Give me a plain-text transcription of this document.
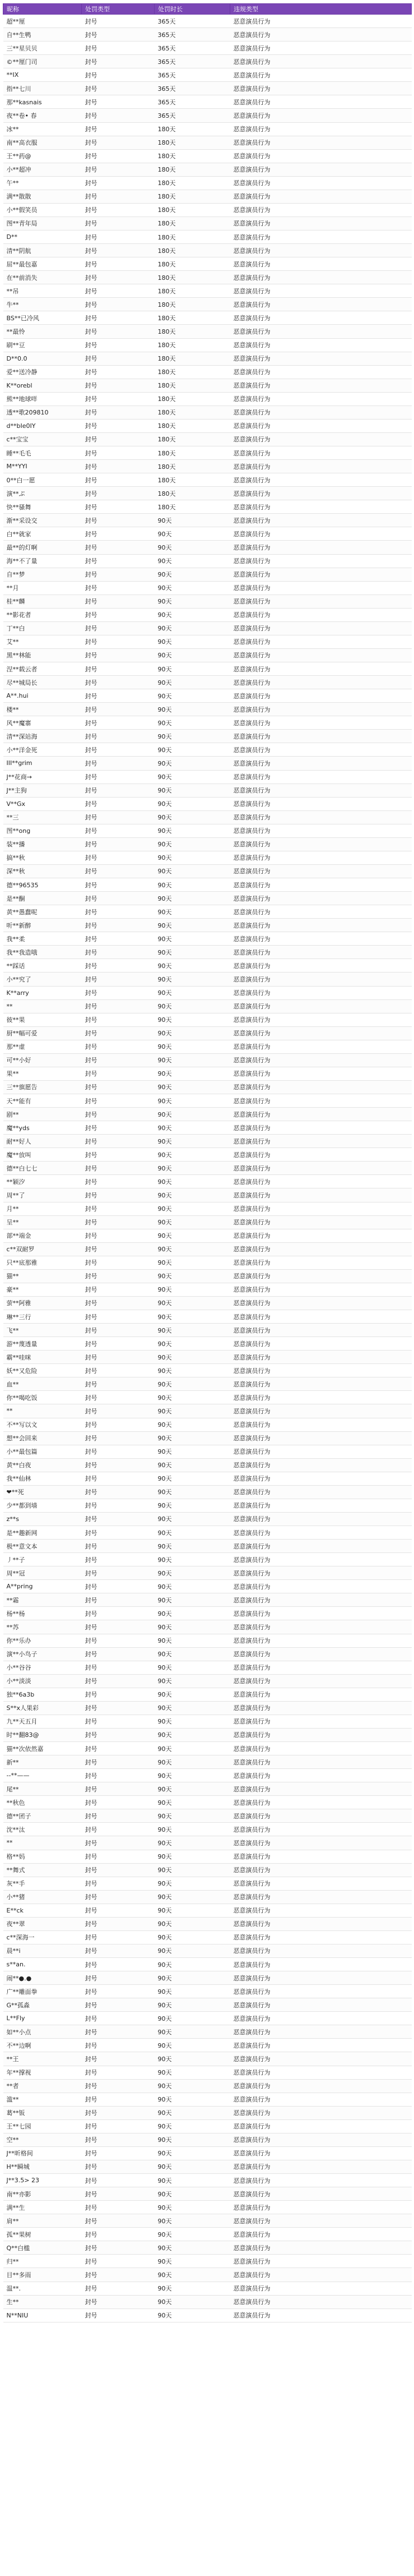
昵称	处罚类型	处罚时长	违规类型
超**厘	封号	365天	恶意演员行为
自**生鸭	封号	365天	恶意演员行为
三**星贝贝	封号	365天	恶意演员行为
©**厘门司	封号	365天	恶意演员行为
**IX	封号	365天	恶意演员行为
指**七川	封号	365天	恶意演员行为
那**kasnais	封号	365天	恶意演员行为
夜**卷• 春	封号	365天	恶意演员行为
冰**	封号	180天	恶意演员行为
南**高衣服	封号	180天	恶意演员行为
王**药@	封号	180天	恶意演员行为
小**超冲	封号	180天	恶意演员行为
午**	封号	180天	恶意演员行为
满**散散	封号	180天	恶意演员行为
小**假笑员	封号	180天	恶意演员行为
图**青年局	封号	180天	恶意演员行为
D**	封号	180天	恶意演员行为
清**阴航	封号	180天	恶意演员行为
屈**最包嘉	封号	180天	恶意演员行为
在**前消失	封号	180天	恶意演员行为
**吊	封号	180天	恶意演员行为
牛**	封号	180天	恶意演员行为
BS**已冷风	封号	180天	恶意演员行为
**最怜	封号	180天	恶意演员行为
刷**豆	封号	180天	恶意演员行为
D**0.0	封号	180天	恶意演员行为
爱**送冷静	封号	180天	恶意演员行为
K**orebl	封号	180天	恶意演员行为
熊**地球咩	封号	180天	恶意演员行为
透**歌209810	封号	180天	恶意演员行为
d**bIe0IY	封号	180天	恶意演员行为
c**宝宝	封号	180天	恶意演员行为
睡**毛毛	封号	180天	恶意演员行为
M**YYI	封号	180天	恶意演员行为
0**白一愿	封号	180天	恶意演员行为
演**ぷ	封号	180天	恶意演员行为
快**骚舞	封号	180天	恶意演员行为
渐**采设交	封号	90天	恶意演员行为
白**就家	封号	90天	恶意演员行为
最**的灯啊	封号	90天	恶意演员行为
海**不了量	封号	90天	恶意演员行为
自**梦	封号	90天	恶意演员行为
**月	封号	90天	恶意演员行为
桂**麟	封号	90天	恶意演员行为
**影花者	封号	90天	恶意演员行为
丁**白	封号	90天	恶意演员行为
艾**	封号	90天	恶意演员行为
黑**林能	封号	90天	恶意演员行为
涅**载云者	封号	90天	恶意演员行为
尽**城局长	封号	90天	恶意演员行为
A**.hui	封号	90天	恶意演员行为
楼**	封号	90天	恶意演员行为
风**魔寨	封号	90天	恶意演员行为
清**深站海	封号	90天	恶意演员行为
小**洋金死	封号	90天	恶意演员行为
III**grim	封号	90天	恶意演员行为
J**花商→	封号	90天	恶意演员行为
J**主狗	封号	90天	恶意演员行为
V**Gx	封号	90天	恶意演员行为
**三	封号	90天	恶意演员行为
图**ong	封号	90天	恶意演员行为
装**播	封号	90天	恶意演员行为
搞**秋	封号	90天	恶意演员行为
深**秋	封号	90天	恶意演员行为
德**96535	封号	90天	恶意演员行为
是**酮	封号	90天	恶意演员行为
黄**愚蠢呢	封号	90天	恶意演员行为
听**新醉	封号	90天	恶意演员行为
我**柔	封号	90天	恶意演员行为
我**我造哦	封号	90天	恶意演员行为
**踩话	封号	90天	恶意演员行为
小**究了	封号	90天	恶意演员行为
K**arry	封号	90天	恶意演员行为
**	封号	90天	恶意演员行为
彼**果	封号	90天	恶意演员行为
厨**幅可爱	封号	90天	恶意演员行为
那**虚	封号	90天	恶意演员行为
可**小好	封号	90天	恶意演员行为
果**	封号	90天	恶意演员行为
三**旗愿告	封号	90天	恶意演员行为
天**能有	封号	90天	恶意演员行为
剧**	封号	90天	恶意演员行为
魔**yds	封号	90天	恶意演员行为
耐**好人	封号	90天	恶意演员行为
魔**放叫	封号	90天	恶意演员行为
德**白七七	封号	90天	恶意演员行为
**颖汐	封号	90天	恶意演员行为
周**了	封号	90天	恶意演员行为
月**	封号	90天	恶意演员行为
呈**	封号	90天	恶意演员行为
部**端金	封号	90天	恶意演员行为
c**双耐罗	封号	90天	恶意演员行为
只**底那雅	封号	90天	恶意演员行为
猫**	封号	90天	恶意演员行为
豪**	封号	90天	恶意演员行为
萤**阿雅	封号	90天	恶意演员行为
琳**三行	封号	90天	恶意演员行为
飞**	封号	90天	恶意演员行为
游**蔑透量	封号	90天	恶意演员行为
霸**哇咪	封号	90天	恶意演员行为
妖**又危险	封号	90天	恶意演员行为
血**	封号	90天	恶意演员行为
你**喝吃饭	封号	90天	恶意演员行为
**	封号	90天	恶意演员行为
不**写以文	封号	90天	恶意演员行为
想**会回来	封号	90天	恶意演员行为
小**最包篇	封号	90天	恶意演员行为
黄**白夜	封号	90天	恶意演员行为
我**仙林	封号	90天	恶意演员行为
❤**死	封号	90天	恶意演员行为
少**都到墙	封号	90天	恶意演员行为
z**s	封号	90天	恶意演员行为
是**趣新网	封号	90天	恶意演员行为
极**意文本	封号	90天	恶意演员行为
丿**子	封号	90天	恶意演员行为
周**冠	封号	90天	恶意演员行为
A**pring	封号	90天	恶意演员行为
**霜	封号	90天	恶意演员行为
杨**杨	封号	90天	恶意演员行为
**苏	封号	90天	恶意演员行为
你**乐办	封号	90天	恶意演员行为
演**小鸟子	封号	90天	恶意演员行为
小**谷谷	封号	90天	恶意演员行为
小**淡淡	封号	90天	恶意演员行为
独**6a3b	封号	90天	恶意演员行为
S**x人果彩	封号	90天	恶意演员行为
九**天五月	封号	90天	恶意演员行为
时**翻83@	封号	90天	恶意演员行为
猫**次依然嘉	封号	90天	恶意演员行为
新**	封号	90天	恶意演员行为
--**——	封号	90天	恶意演员行为
尾**	封号	90天	恶意演员行为
**秋色	封号	90天	恶意演员行为
德**团子	封号	90天	恶意演员行为
沈**汰	封号	90天	恶意演员行为
**	封号	90天	恶意演员行为
格**妈	封号	90天	恶意演员行为
**舞式	封号	90天	恶意演员行为
灰**手	封号	90天	恶意演员行为
小**猪	封号	90天	恶意演员行为
E**ck	封号	90天	恶意演员行为
夜**翠	封号	90天	恶意演员行为
c**深海一	封号	90天	恶意演员行为
晨**i	封号	90天	恶意演员行为
s**an.	封号	90天	恶意演员行为
闹**●.●	封号	90天	恶意演员行为
广**雕面拳	封号	90天	恶意演员行为
G**孤淼	封号	90天	恶意演员行为
L**Fly	封号	90天	恶意演员行为
如**小点	封号	90天	恶意演员行为
不**边啊	封号	90天	恶意演员行为
**王	封号	90天	恶意演员行为
年**撑视	封号	90天	恶意演员行为
**者	封号	90天	恶意演员行为
滥**	封号	90天	恶意演员行为
葛**钣	封号	90天	恶意演员行为
王**七园	封号	90天	恶意演员行为
空**	封号	90天	恶意演员行为
J**昕格间	封号	90天	恶意演员行为
H**瞬城	封号	90天	恶意演员行为
J**3.5> 23	封号	90天	恶意演员行为
南**亦影	封号	90天	恶意演员行为
满**生	封号	90天	恶意演员行为
肩**	封号	90天	恶意演员行为
孤**果树	封号	90天	恶意演员行为
Q**白槛	封号	90天	恶意演员行为
归**	封号	90天	恶意演员行为
目**多雨	封号	90天	恶意演员行为
温**.	封号	90天	恶意演员行为
生**	封号	90天	恶意演员行为
N**NIU	封号	90天	恶意演员行为
